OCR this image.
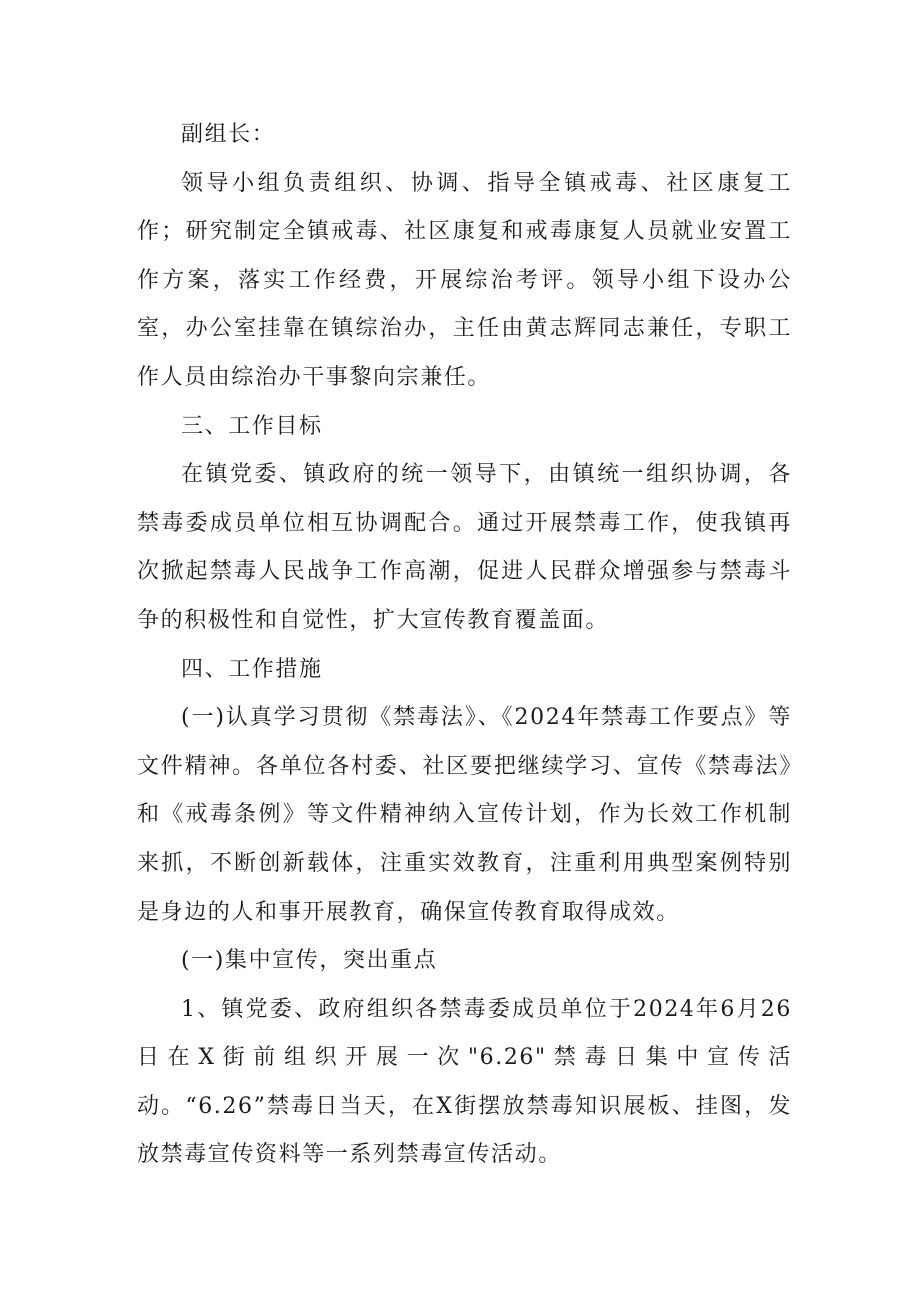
副组长：

领导小组负责组织、协调、指导全镇戒毒、社区康复工作；研究制定全镇戒毒、社区康复和戒毒康复人员就业安置工作方案，落实工作经费，开展综治考评。领导小组下设办公室，办公室挂靠在镇综治办，主任由黄志辉同志兼任，专职工作人员由综治办干事黎向宗兼任。

三、工作目标

在镇党委、镇政府的统一领导下，由镇统一组织协调，各禁毒委成员单位相互协调配合。通过开展禁毒工作，使我镇再次掀起禁毒人民战争工作高潮，促进人民群众增强参与禁毒斗争的积极性和自觉性，扩大宣传教育覆盖面。

四、工作措施

(一)认真学习贯彻《禁毒法》、《2024年禁毒工作要点》等文件精神。各单位各村委、社区要把继续学习、宣传《禁毒法》和《戒毒条例》等文件精神纳入宣传计划，作为长效工作机制来抓，不断创新载体，注重实效教育，注重利用典型案例特别是身边的人和事开展教育，确保宣传教育取得成效。

(一)集中宣传，突出重点

1、镇党委、政府组织各禁毒委成员单位于2024年6月26日在X街前组织开展一次"6.26"禁毒日集中宣传活动。“6.26”禁毒日当天，在X街摆放禁毒知识展板、挂图，发放禁毒宣传资料等一系列禁毒宣传活动。
